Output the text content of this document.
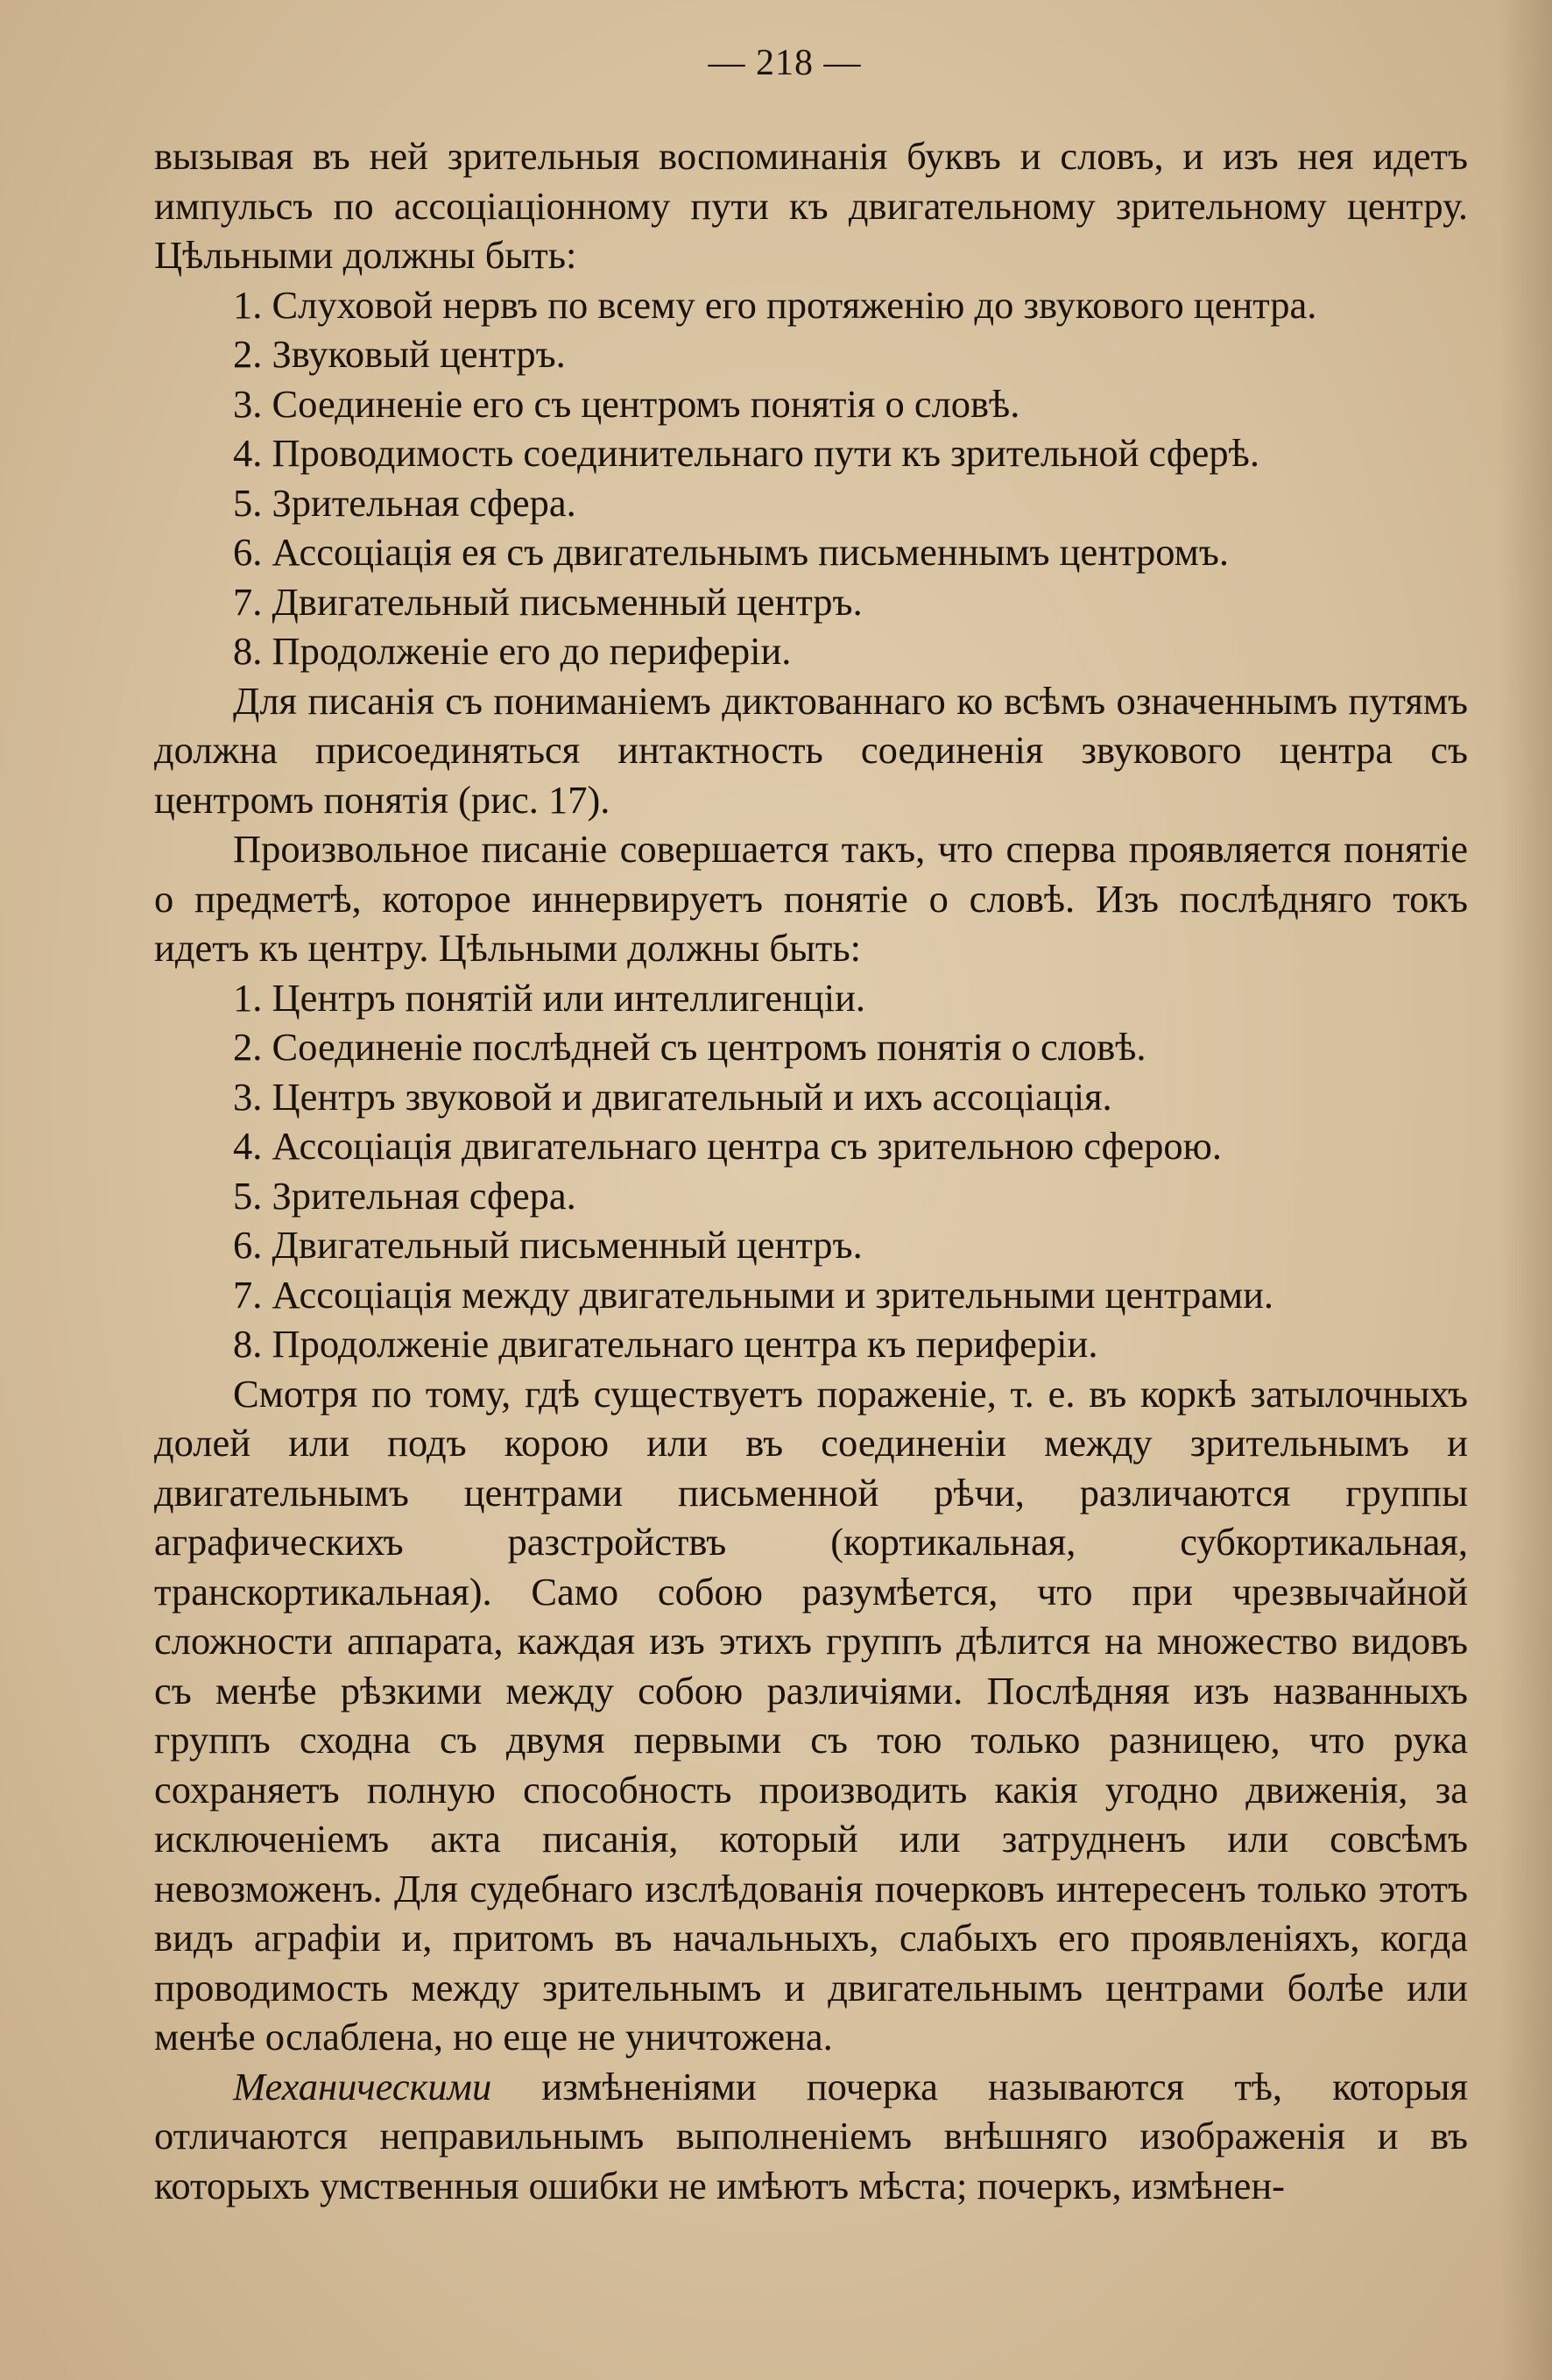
— 218 —

вызывая въ ней зрительныя воспоминанія буквъ и словъ, и изъ нея идетъ импульсъ по ассоціаціонному пути къ двигательному зрительному центру. Цѣльными должны быть:

1. Слуховой нервъ по всему его протяженію до звукового центра.
2. Звуковый центръ.
3. Соединеніе его съ центромъ понятія о словѣ.
4. Проводимость соединительнаго пути къ зрительной сферѣ.
5. Зрительная сфера.
6. Ассоціація ея съ двигательнымъ письменнымъ центромъ.
7. Двигательный письменный центръ.
8. Продолженіе его до периферіи.

Для писанія съ пониманіемъ диктованнаго ко всѣмъ означеннымъ путямъ должна присоединяться интактность соединенія звукового центра съ центромъ понятія (рис. 17).

Произвольное писаніе совершается такъ, что сперва проявляется понятіе о предметѣ, которое иннервируетъ понятіе о словѣ. Изъ послѣдняго токъ идетъ къ центру. Цѣльными должны быть:

1. Центръ понятій или интеллигенціи.
2. Соединеніе послѣдней съ центромъ понятія о словѣ.
3. Центръ звуковой и двигательный и ихъ ассоціація.
4. Ассоціація двигательнаго центра съ зрительною сферою.
5. Зрительная сфера.
6. Двигательный письменный центръ.
7. Ассоціація между двигательными и зрительными центрами.
8. Продолженіе двигательнаго центра къ периферіи.

Смотря по тому, гдѣ существуетъ пораженіе, т. е. въ коркѣ затылочныхъ долей или подъ корою или въ соединеніи между зрительнымъ и двигательнымъ центрами письменной рѣчи, различаются группы аграфическихъ разстройствъ (кортикальная, субкортикальная, транскортикальная). Само собою разумѣется, что при чрезвычайной сложности аппарата, каждая изъ этихъ группъ дѣлится на множество видовъ съ менѣе рѣзкими между собою различіями. Послѣдняя изъ названныхъ группъ сходна съ двумя первыми съ тою только разницею, что рука сохраняетъ полную способность производить какія угодно движенія, за исключеніемъ акта писанія, который или затрудненъ или совсѣмъ невозможенъ. Для судебнаго изслѣдованія почерковъ интересенъ только этотъ видъ аграфіи и, притомъ въ начальныхъ, слабыхъ его проявленіяхъ, когда проводимость между зрительнымъ и двигательнымъ центрами болѣе или менѣе ослаблена, но еще не уничтожена.

Механическими измѣненіями почерка называются тѣ, которыя отличаются неправильнымъ выполненіемъ внѣшняго изображенія и въ которыхъ умственныя ошибки не имѣютъ мѣста; почеркъ, измѣнен-
